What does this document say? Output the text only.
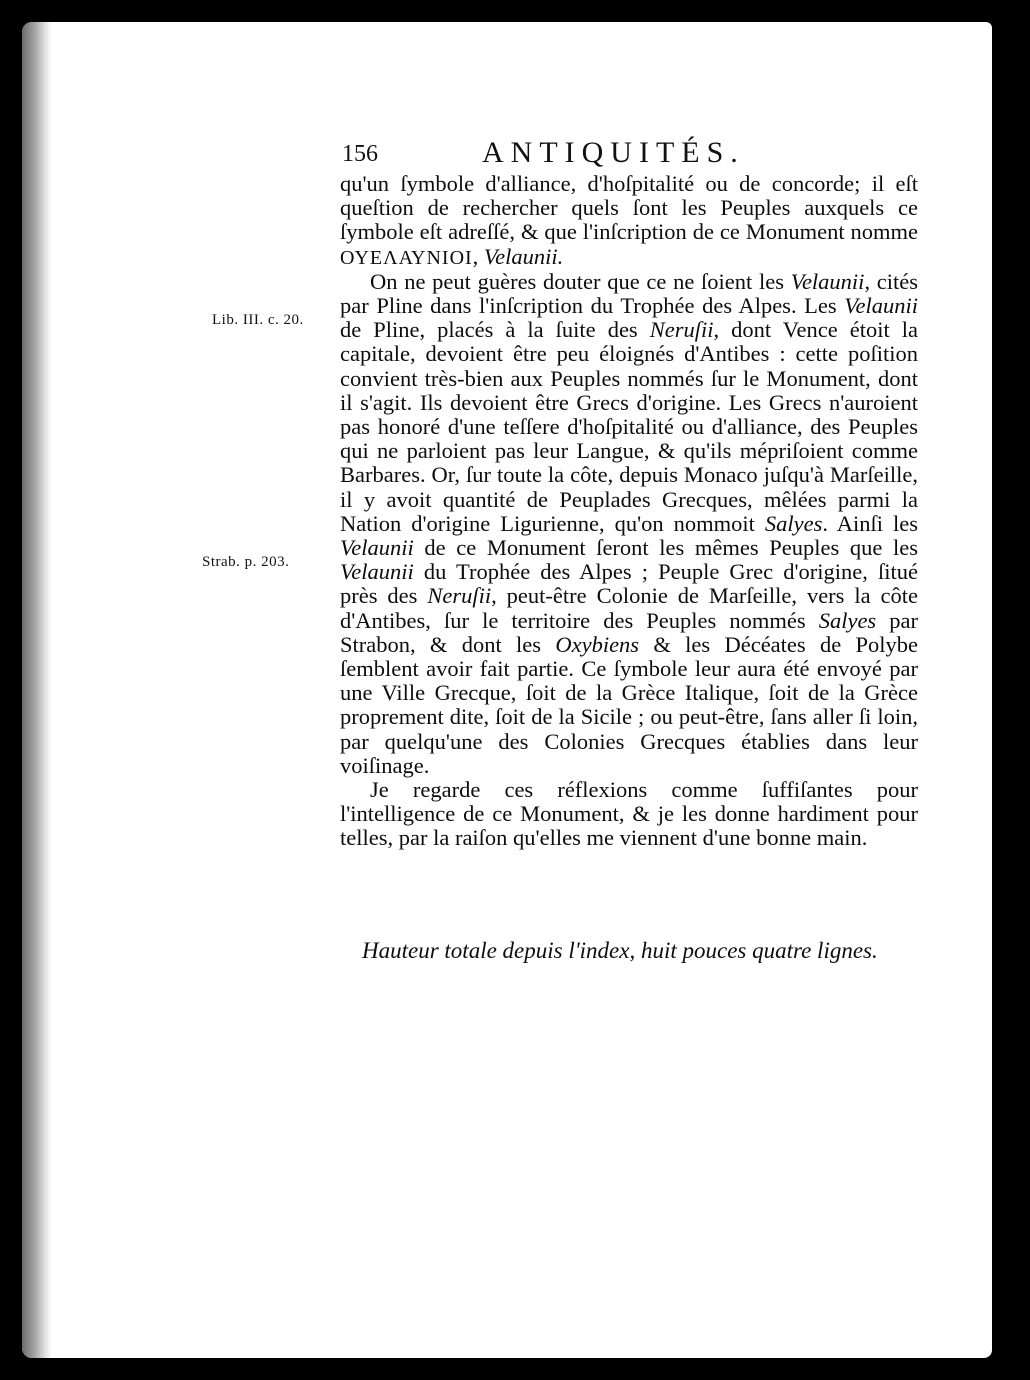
156	ANTIQUITÉS.
Lib. III. c. 20.
Strab. p. 203.

qu'un ſymbole d'alliance, d'hoſpitalité ou de concorde; il eſt queſtion de rechercher quels ſont les Peuples auxquels ce ſymbole eſt adreſſé, & que l'inſcription de ce Monument nomme ΟΥΕΛΑΥΝΙΟΙ, Velaunii.

On ne peut guères douter que ce ne ſoient les Velaunii, cités par Pline dans l'inſcription du Trophée des Alpes. Les Velaunii de Pline, placés à la ſuite des Neruſii, dont Vence étoit la capitale, devoient être peu éloignés d'Antibes : cette poſition convient très-bien aux Peuples nommés ſur le Monument, dont il s'agit. Ils devoient être Grecs d'origine. Les Grecs n'auroient pas honoré d'une teſſere d'hoſpitalité ou d'alliance, des Peuples qui ne parloient pas leur Langue, & qu'ils mépriſoient comme Barbares. Or, ſur toute la côte, depuis Monaco juſqu'à Marſeille, il y avoit quantité de Peuplades Grecques, mêlées parmi la Nation d'origine Ligurienne, qu'on nommoit Salyes. Ainſi les Velaunii de ce Monument ſeront les mêmes Peuples que les Velaunii du Trophée des Alpes ; Peuple Grec d'origine, ſitué près des Neruſii, peut-être Colonie de Marſeille, vers la côte d'Antibes, ſur le territoire des Peuples nommés Salyes par Strabon, & dont les Oxybiens & les Décéates de Polybe ſemblent avoir fait partie. Ce ſymbole leur aura été envoyé par une Ville Grecque, ſoit de la Grèce Italique, ſoit de la Grèce proprement dite, ſoit de la Sicile ; ou peut-être, ſans aller ſi loin, par quelqu'une des Colonies Grecques établies dans leur voiſinage.

Je regarde ces réflexions comme ſuffiſantes pour l'intelligence de ce Monument, & je les donne hardiment pour telles, par la raiſon qu'elles me viennent d'une bonne main.

Hauteur totale depuis l'index, huit pouces quatre lignes.
